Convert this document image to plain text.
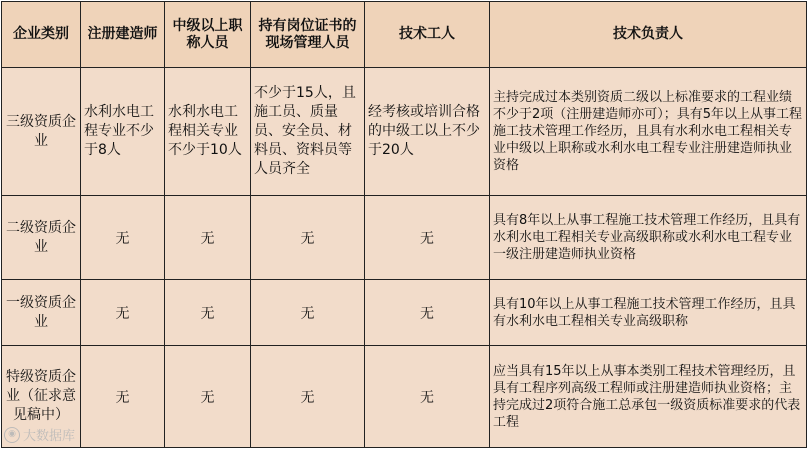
企业类别	注册建造师	中级以上职称人员	持有岗位证书的现场管理人员	技术工人	技术负责人
三级资质企业	水利水电工程专业不少于8人	水利水电工程相关专业不少于10人	不少于15人，且施工员、质量员、安全员、材料员、资料员等人员齐全	经考核或培训合格的中级工以上不少于20人	主持完成过本类别资质二级以上标准要求的工程业绩不少于2项（注册建造师亦可）；具有5年以上从事工程施工技术管理工作经历，且具有水利水电工程相关专业中级以上职称或水利水电工程专业注册建造师执业资格
二级资质企业	无	无	无	无	具有8年以上从事工程施工技术管理工作经历，且具有水利水电工程相关专业高级职称或水利水电工程专业一级注册建造师执业资格
一级资质企业	无	无	无	无	具有10年以上从事工程施工技术管理工作经历，且具有水利水电工程相关专业高级职称
特级资质企业（征求意见稿中）	无	无	无	无	应当具有15年以上从事本类别工程技术管理经历，且具有工程序列高级工程师或注册建造师执业资格；主持完成过2项符合施工总承包一级资质标准要求的代表工程
◉ 大数据库
